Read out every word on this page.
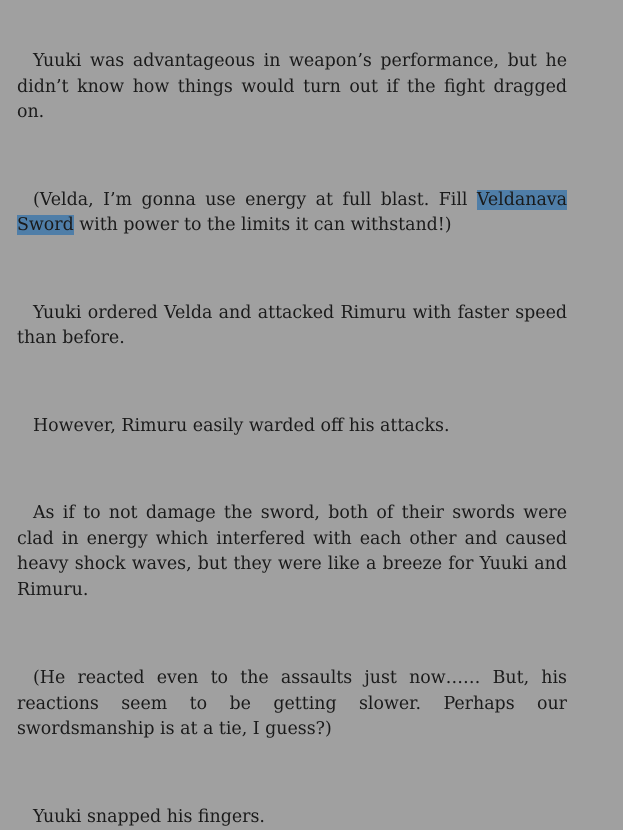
Yuuki was advantageous in weapon’s performance, but he didn’t know how things would turn out if the fight dragged on.

(Velda, I’m gonna use energy at full blast. Fill Veldanava Sword with power to the limits it can withstand!)

Yuuki ordered Velda and attacked Rimuru with faster speed than before.

However, Rimuru easily warded off his attacks.

As if to not damage the sword, both of their swords were clad in energy which interfered with each other and caused heavy shock waves, but they were like a breeze for Yuuki and Rimuru.

(He reacted even to the assaults just now…… But, his reactions seem to be getting slower. Perhaps our swordsmanship is at a tie, I guess?)

Yuuki snapped his fingers.
